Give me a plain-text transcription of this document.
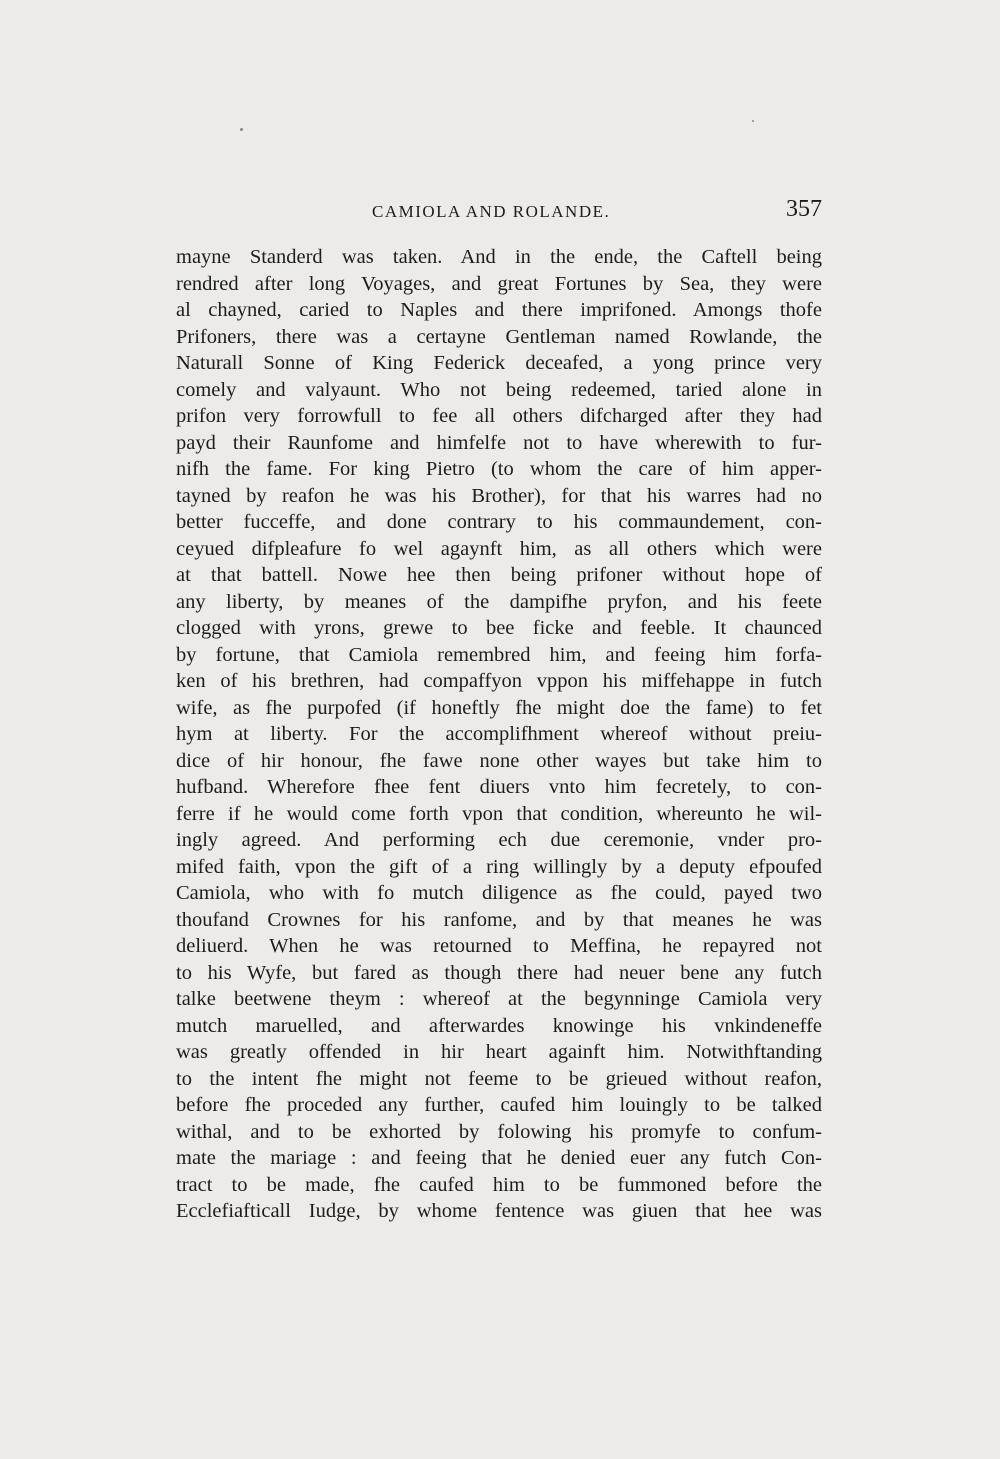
CAMIOLA AND ROLANDE.	357
mayne Standerd was taken. And in the ende, the Caftell being
rendred after long Voyages, and great Fortunes by Sea, they were
al chayned, caried to Naples and there imprifoned. Amongs thofe
Prifoners, there was a certayne Gentleman named Rowlande, the
Naturall Sonne of King Federick deceafed, a yong prince very
comely and valyaunt. Who not being redeemed, taried alone in
prifon very forrowfull to fee all others difcharged after they had
payd their Raunfome and himfelfe not to have wherewith to fur-
nifh the fame. For king Pietro (to whom the care of him apper-
tayned by reafon he was his Brother), for that his warres had no
better fucceffe, and done contrary to his commaundement, con-
ceyued difpleafure fo wel agaynft him, as all others which were
at that battell. Nowe hee then being prifoner without hope of
any liberty, by meanes of the dampifhe pryfon, and his feete
clogged with yrons, grewe to bee ficke and feeble. It chaunced
by fortune, that Camiola remembred him, and feeing him forfa-
ken of his brethren, had compaffyon vppon his miffehappe in futch
wife, as fhe purpofed (if honeftly fhe might doe the fame) to fet
hym at liberty. For the accomplifhment whereof without preiu-
dice of hir honour, fhe fawe none other wayes but take him to
hufband. Wherefore fhee fent diuers vnto him fecretely, to con-
ferre if he would come forth vpon that condition, whereunto he wil-
ingly agreed. And performing ech due ceremonie, vnder pro-
mifed faith, vpon the gift of a ring willingly by a deputy efpoufed
Camiola, who with fo mutch diligence as fhe could, payed two
thoufand Crownes for his ranfome, and by that meanes he was
deliuerd. When he was retourned to Meffina, he repayred not
to his Wyfe, but fared as though there had neuer bene any futch
talke beetwene theym : whereof at the begynninge Camiola very
mutch maruelled, and afterwardes knowinge his vnkindeneffe
was greatly offended in hir heart againft him. Notwithftanding
to the intent fhe might not feeme to be grieued without reafon,
before fhe proceded any further, caufed him louingly to be talked
withal, and to be exhorted by folowing his promyfe to confum-
mate the mariage : and feeing that he denied euer any futch Con-
tract to be made, fhe caufed him to be fummoned before the
Ecclefiafticall Iudge, by whome fentence was giuen that hee was
